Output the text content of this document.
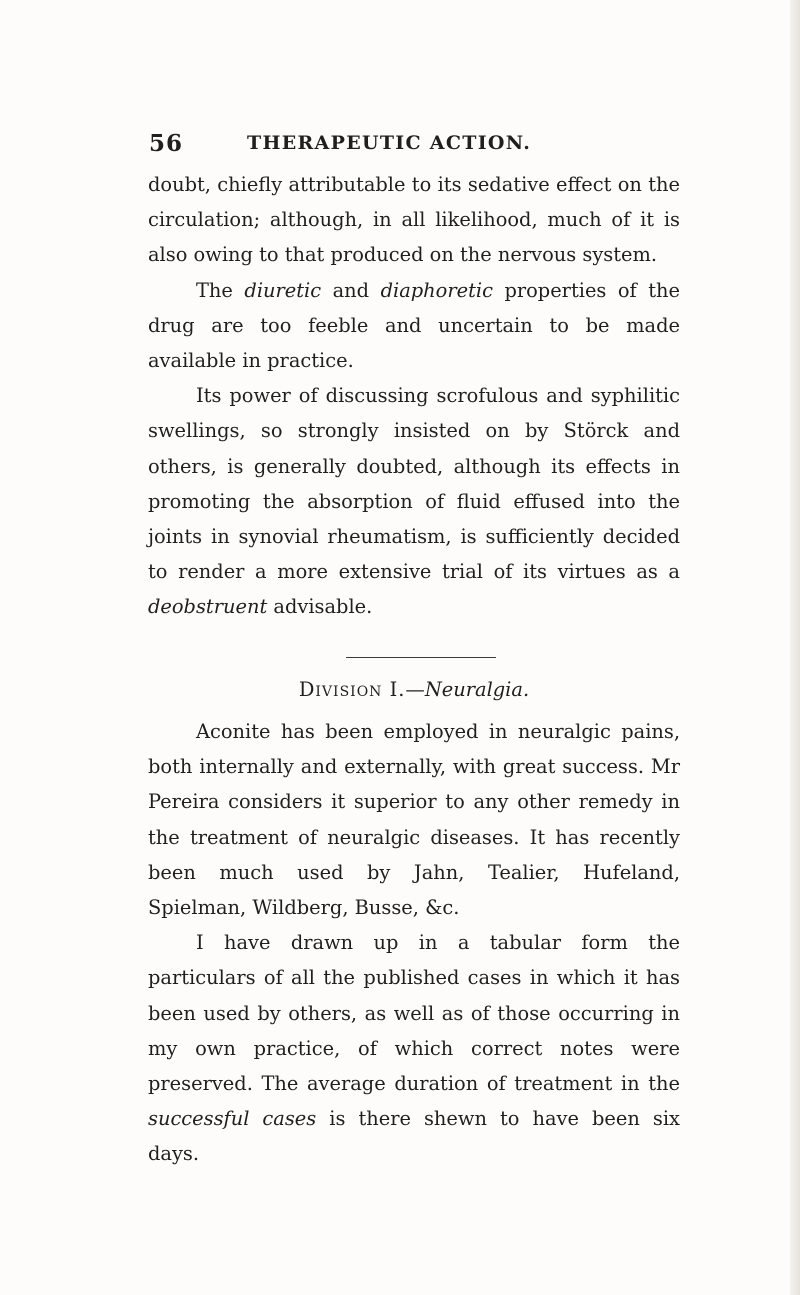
56	THERAPEUTIC ACTION.

doubt, chiefly attributable to its sedative effect on the circulation; although, in all likelihood, much of it is also owing to that produced on the nervous system.

The diuretic and diaphoretic properties of the drug are too feeble and uncertain to be made available in practice.

Its power of discussing scrofulous and syphilitic swellings, so strongly insisted on by Störck and others, is generally doubted, although its effects in promoting the absorption of fluid effused into the joints in synovial rheumatism, is sufficiently decided to render a more extensive trial of its virtues as a deobstruent advisable.

Division I.—Neuralgia.

Aconite has been employed in neuralgic pains, both internally and externally, with great success. Mr Pereira considers it superior to any other remedy in the treatment of neuralgic diseases. It has recently been much used by Jahn, Tealier, Hufeland, Spielman, Wildberg, Busse, &c.

I have drawn up in a tabular form the particulars of all the published cases in which it has been used by others, as well as of those occurring in my own practice, of which correct notes were preserved. The average duration of treatment in the successful cases is there shewn to have been six days.
